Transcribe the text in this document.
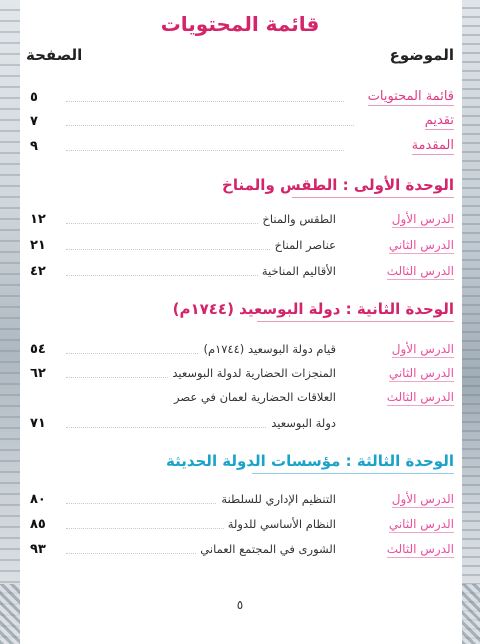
قائمة المحتويات
الموضوع
الصفحة
قائمة المحتويات
٥
تقديم
٧
المقدمة
٩
الوحدة الأولى : الطقس والمناخ
الدرس الأول
الطقس والمناخ
١٢
الدرس الثاني
عناصر المناخ
٢١
الدرس الثالث
الأقاليم المناخية
٤٢
الوحدة الثانية : دولة البوسعيد (١٧٤٤م)
الدرس الأول
قيام دولة البوسعيد (١٧٤٤م)
٥٤
الدرس الثاني
المنجزات الحضارية لدولة البوسعيد
٦٢
الدرس الثالث
العلاقات الحضارية لعمان في عصر
دولة البوسعيد
٧١
الوحدة الثالثة : مؤسسات الدولة الحديثة
الدرس الأول
التنظيم الإداري للسلطنة
٨٠
الدرس الثاني
النظام الأساسي للدولة
٨٥
الدرس الثالث
الشورى في المجتمع العماني
٩٣
٥
